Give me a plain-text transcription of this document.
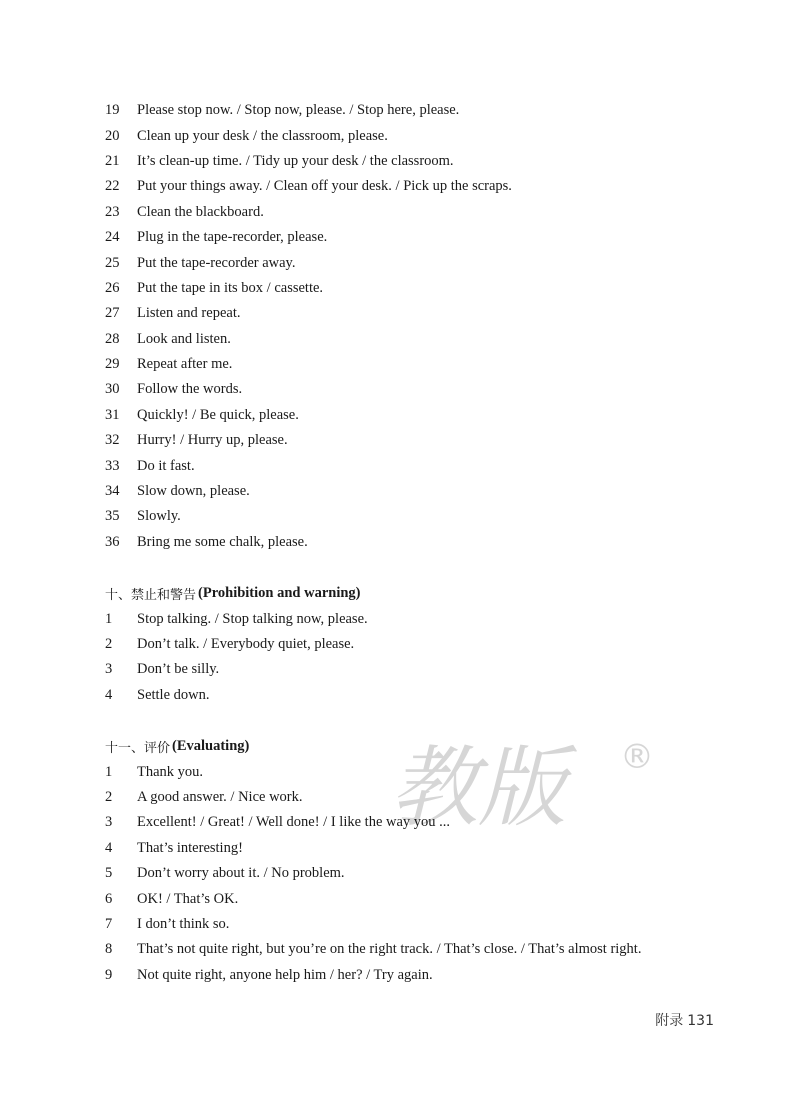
19	Please stop now. / Stop now, please. / Stop here, please.
20	Clean up your desk / the classroom, please.
21	It’s clean-up time. / Tidy up your desk / the classroom.
22	Put your things away. / Clean off your desk. / Pick up the scraps.
23	Clean the blackboard.
24	Plug in the tape-recorder, please.
25	Put the tape-recorder away.
26	Put the tape in its box / cassette.
27	Listen and repeat.
28	Look and listen.
29	Repeat after me.
30	Follow the words.
31	Quickly! / Be quick, please.
32	Hurry! / Hurry up, please.
33	Do it fast.
34	Slow down, please.
35	Slowly.
36	Bring me some chalk, please.
十、禁止和警告 (Prohibition and warning)
1	Stop talking. / Stop talking now, please.
2	Don’t talk. / Everybody quiet, please.
3	Don’t be silly.
4	Settle down.
教版	®
十一、评价 (Evaluating)
1	Thank you.
2	A good answer. / Nice work.
3	Excellent! / Great! / Well done! / I like the way you ...
4	That’s interesting!
5	Don’t worry about it. / No problem.
6	OK! / That’s OK.
7	I don’t think so.
8	That’s not quite right, but you’re on the right track. / That’s close. / That’s almost right.
9	Not quite right, anyone help him / her? / Try again.
附录 131
